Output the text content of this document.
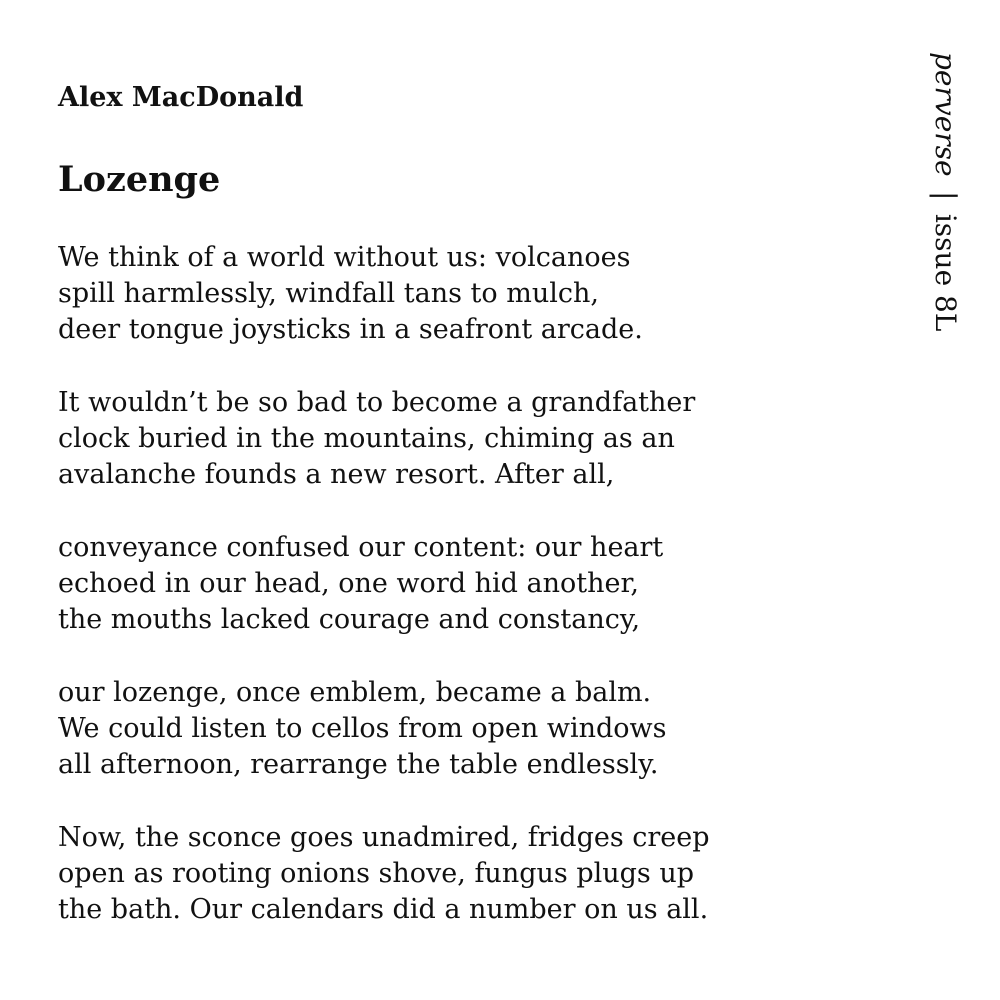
Alex MacDonald
Lozenge

We think of a world without us: volcanoes
spill harmlessly, windfall tans to mulch,
deer tongue joysticks in a seafront arcade.

It wouldn’t be so bad to become a grandfather
clock buried in the mountains, chiming as an
avalanche founds a new resort. After all,

conveyance confused our content: our heart
echoed in our head, one word hid another,
the mouths lacked courage and constancy,

our lozenge, once emblem, became a balm.
We could listen to cellos from open windows
all afternoon, rearrange the table endlessly.

Now, the sconce goes unadmired, fridges creep
open as rooting onions shove, fungus plugs up
the bath. Our calendars did a number on us all.

perverse | issue 8L
